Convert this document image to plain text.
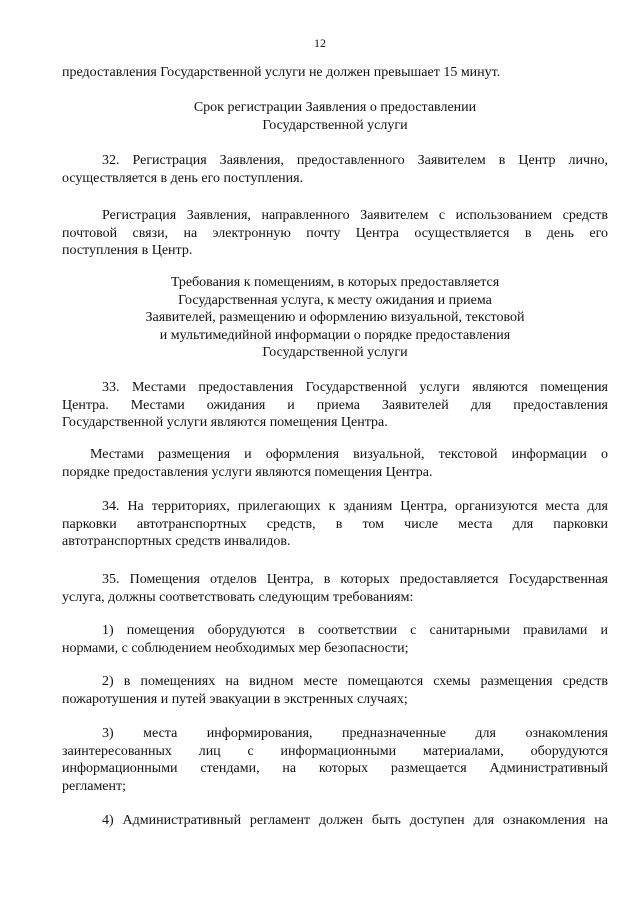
12

предоставления Государственной услуги не должен превышает 15 минут.

Срок регистрации Заявления о предоставлении
Государственной услуги

32. Регистрация Заявления, предоставленного Заявителем в Центр лично,
осуществляется в день его поступления.

Регистрация Заявления, направленного Заявителем с использованием средств
почтовой связи, на электронную почту Центра осуществляется в день его
поступления в Центр.

Требования к помещениям, в которых предоставляется
Государственная услуга, к месту ожидания и приема
Заявителей, размещению и оформлению визуальной, текстовой
и мультимедийной информации о порядке предоставления
Государственной услуги

33. Местами предоставления Государственной услуги являются помещения
Центра. Местами ожидания и приема Заявителей для предоставления
Государственной услуги являются помещения Центра.

Местами размещения и оформления визуальной, текстовой информации о
порядке предоставления услуги являются помещения Центра.

34. На территориях, прилегающих к зданиям Центра, организуются места для
парковки автотранспортных средств, в том числе места для парковки
автотранспортных средств инвалидов.

35. Помещения отделов Центра, в которых предоставляется Государственная
услуга, должны соответствовать следующим требованиям:

1) помещения оборудуются в соответствии с санитарными правилами и
нормами, с соблюдением необходимых мер безопасности;

2) в помещениях на видном месте помещаются схемы размещения средств
пожаротушения и путей эвакуации в экстренных случаях;

3) места информирования, предназначенные для ознакомления
заинтересованных лиц с информационными материалами, оборудуются
информационными стендами, на которых размещается Административный
регламент;

4) Административный регламент должен быть доступен для ознакомления на
